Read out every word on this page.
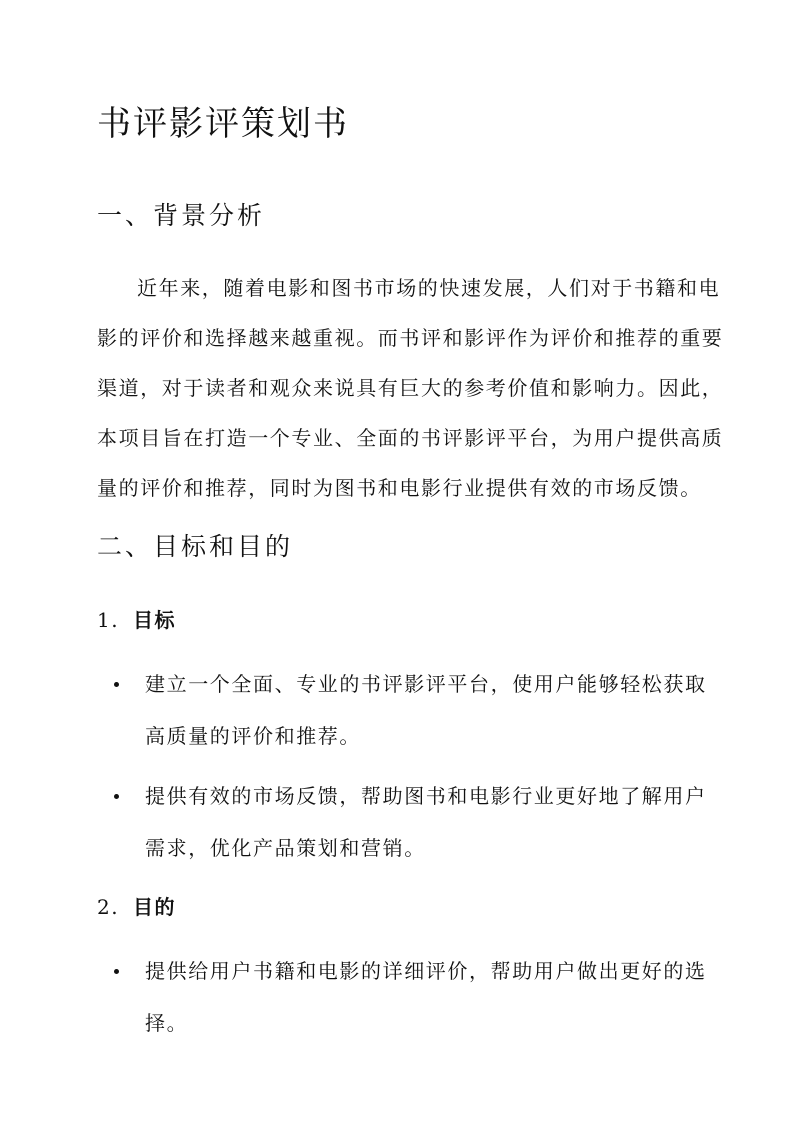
书评影评策划书
一、背景分析
近年来，随着电影和图书市场的快速发展，人们对于书籍和电
影的评价和选择越来越重视。而书评和影评作为评价和推荐的重要
渠道，对于读者和观众来说具有巨大的参考价值和影响力。因此，
本项目旨在打造一个专业、全面的书评影评平台，为用户提供高质
量的评价和推荐，同时为图书和电影行业提供有效的市场反馈。
二、目标和目的
1. 目标
建立一个全面、专业的书评影评平台，使用户能够轻松获取
高质量的评价和推荐。
提供有效的市场反馈，帮助图书和电影行业更好地了解用户
需求，优化产品策划和营销。
2. 目的
提供给用户书籍和电影的详细评价，帮助用户做出更好的选
择。
